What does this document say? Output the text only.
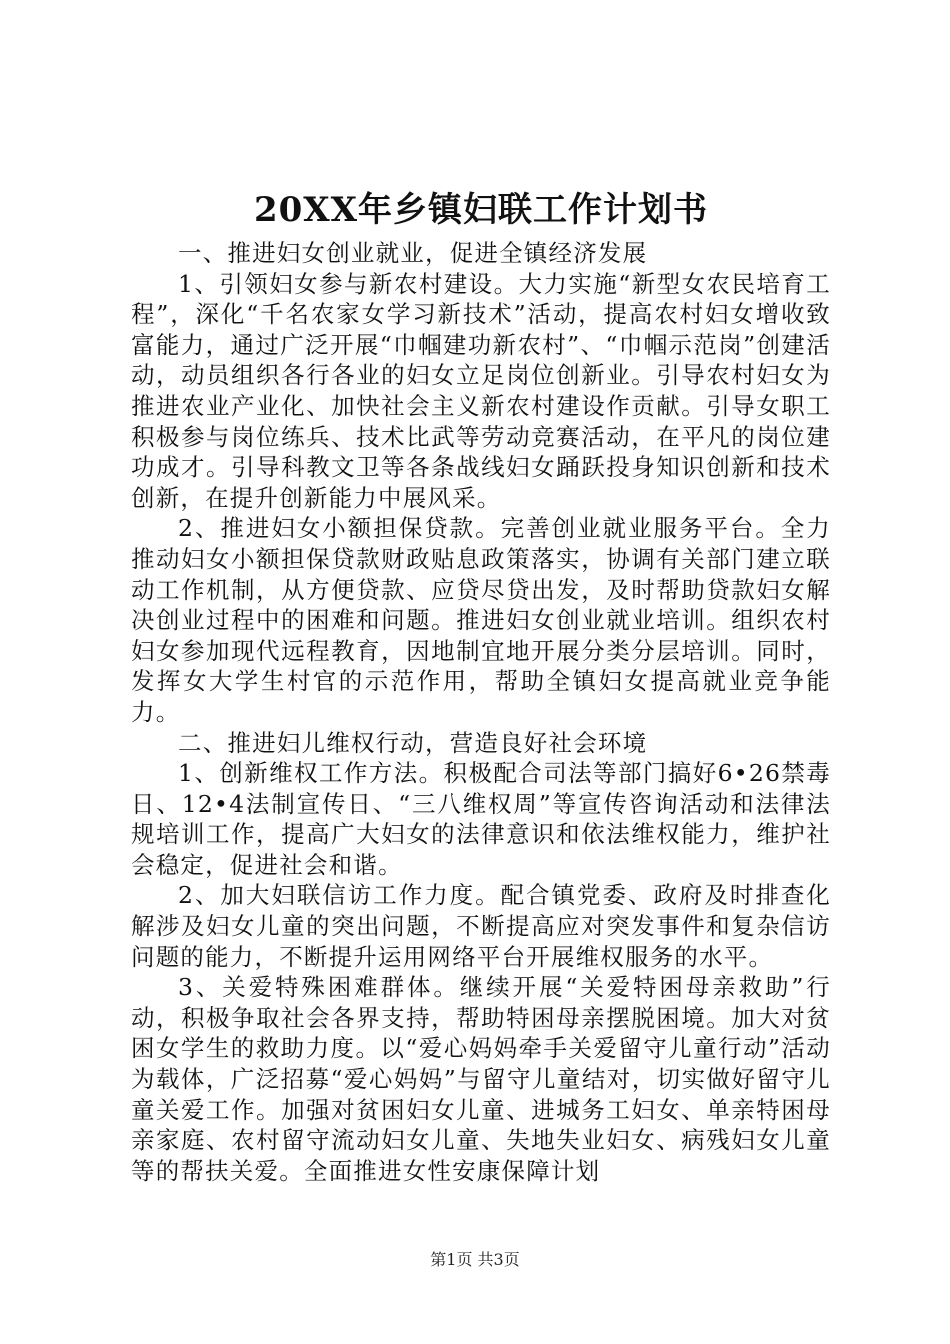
20XX年乡镇妇联工作计划书

一、推进妇女创业就业，促进全镇经济发展

1、引领妇女参与新农村建设。大力实施“新型女农民培育工程”，深化“千名农家女学习新技术”活动，提高农村妇女增收致富能力，通过广泛开展“巾帼建功新农村”、“巾帼示范岗”创建活动，动员组织各行各业的妇女立足岗位创新业。引导农村妇女为推进农业产业化、加快社会主义新农村建设作贡献。引导女职工积极参与岗位练兵、技术比武等劳动竞赛活动，在平凡的岗位建功成才。引导科教文卫等各条战线妇女踊跃投身知识创新和技术创新，在提升创新能力中展风采。

2、推进妇女小额担保贷款。完善创业就业服务平台。全力推动妇女小额担保贷款财政贴息政策落实，协调有关部门建立联动工作机制，从方便贷款、应贷尽贷出发，及时帮助贷款妇女解决创业过程中的困难和问题。推进妇女创业就业培训。组织农村妇女参加现代远程教育，因地制宜地开展分类分层培训。同时，发挥女大学生村官的示范作用，帮助全镇妇女提高就业竞争能力。

二、推进妇儿维权行动，营造良好社会环境

1、创新维权工作方法。积极配合司法等部门搞好6•26禁毒日、12•4法制宣传日、“三八维权周”等宣传咨询活动和法律法规培训工作，提高广大妇女的法律意识和依法维权能力，维护社会稳定，促进社会和谐。

2、加大妇联信访工作力度。配合镇党委、政府及时排查化解涉及妇女儿童的突出问题，不断提高应对突发事件和复杂信访问题的能力，不断提升运用网络平台开展维权服务的水平。

3、关爱特殊困难群体。继续开展“关爱特困母亲救助”行动，积极争取社会各界支持，帮助特困母亲摆脱困境。加大对贫困女学生的救助力度。以“爱心妈妈牵手关爱留守儿童行动”活动为载体，广泛招募“爱心妈妈”与留守儿童结对，切实做好留守儿童关爱工作。加强对贫困妇女儿童、进城务工妇女、单亲特困母亲家庭、农村留守流动妇女儿童、失地失业妇女、病残妇女儿童等的帮扶关爱。全面推进女性安康保障计划

第1页 共3页
